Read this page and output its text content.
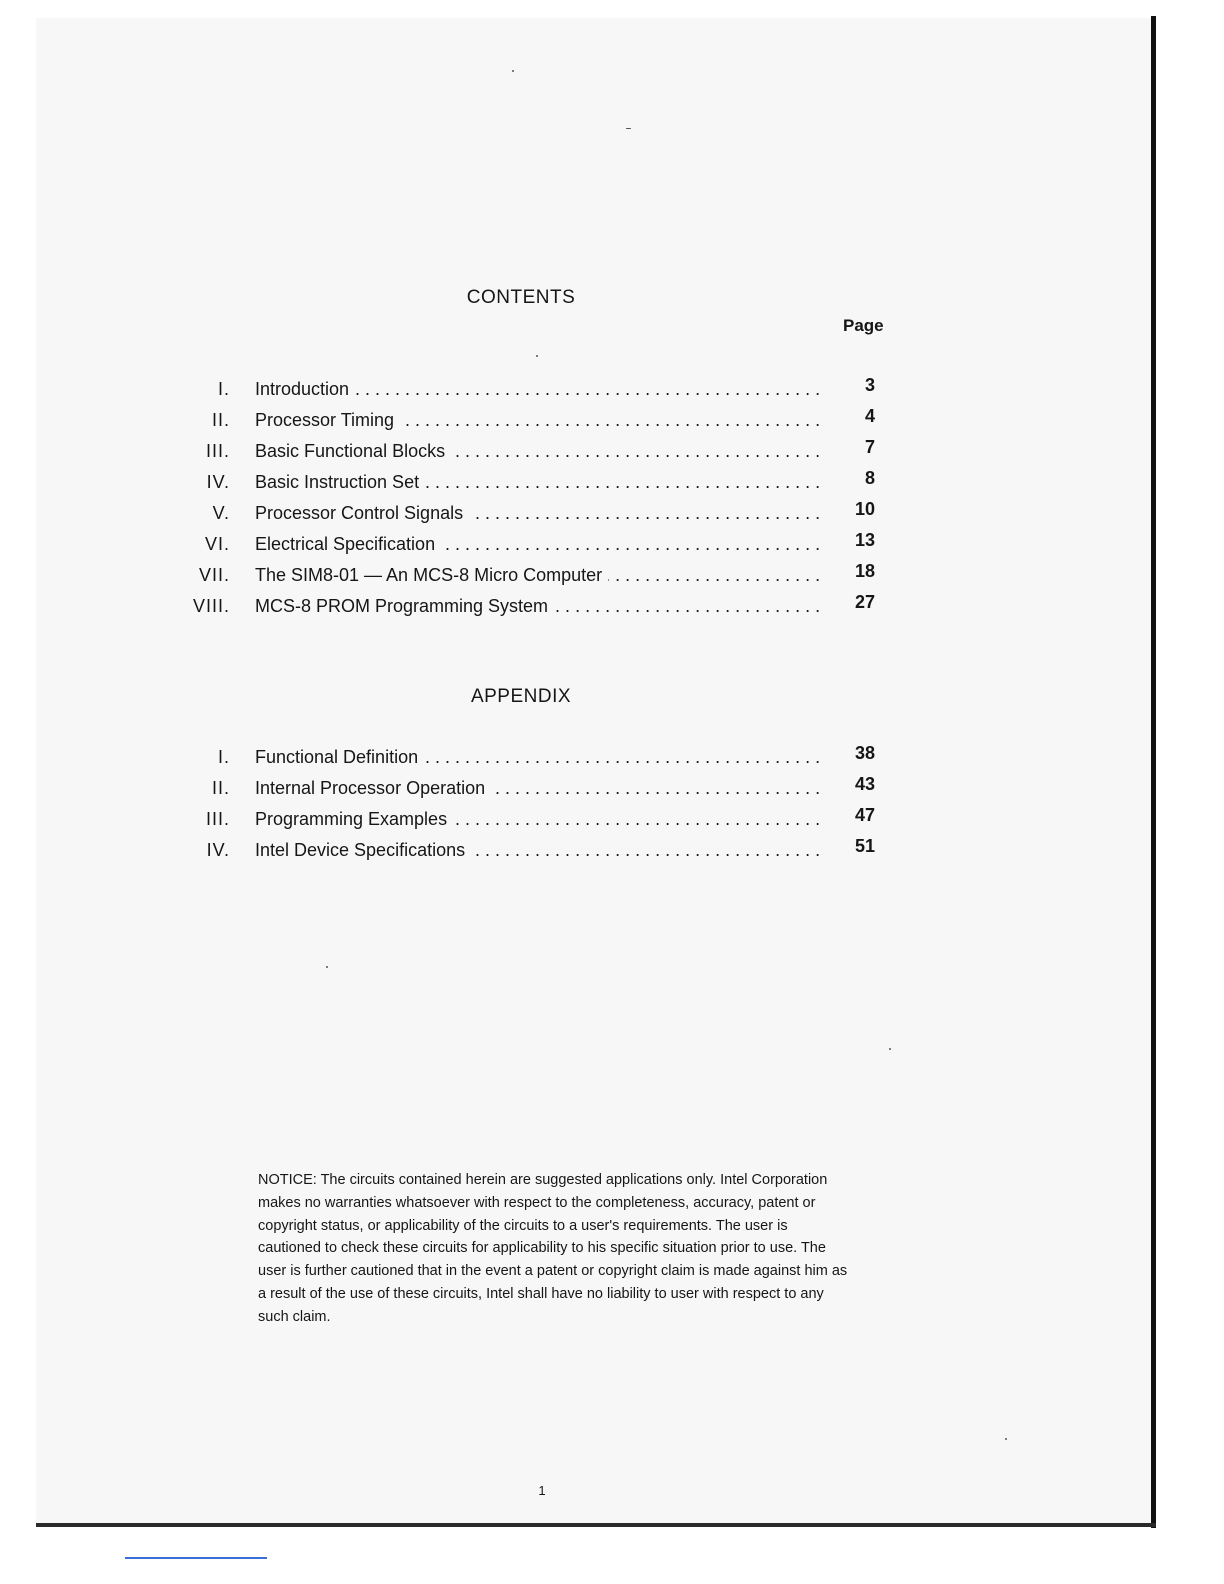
CONTENTS
Page
I. Introduction . . .	3
II. Processor Timing . . .	4
III. Basic Functional Blocks . . .	7
IV. Basic Instruction Set . . .	8
V. Processor Control Signals . . .	10
VI. Electrical Specification . . .	13
VII. The SIM8-01 — An MCS-8 Micro Computer . . .	18
VIII. MCS-8 PROM Programming System . . .	27
APPENDIX
I. Functional Definition . . .	38
II. Internal Processor Operation . . .	43
III. Programming Examples . . .	47
IV. Intel Device Specifications . . .	51

NOTICE: The circuits contained herein are suggested applications only. Intel Corporation makes no warranties whatsoever with respect to the completeness, accuracy, patent or copyright status, or applicability of the circuits to a user's requirements. The user is cautioned to check these circuits for applicability to his specific situation prior to use. The user is further cautioned that in the event a patent or copyright claim is made against him as a result of the use of these circuits, Intel shall have no liability to user with respect to any such claim.

1
